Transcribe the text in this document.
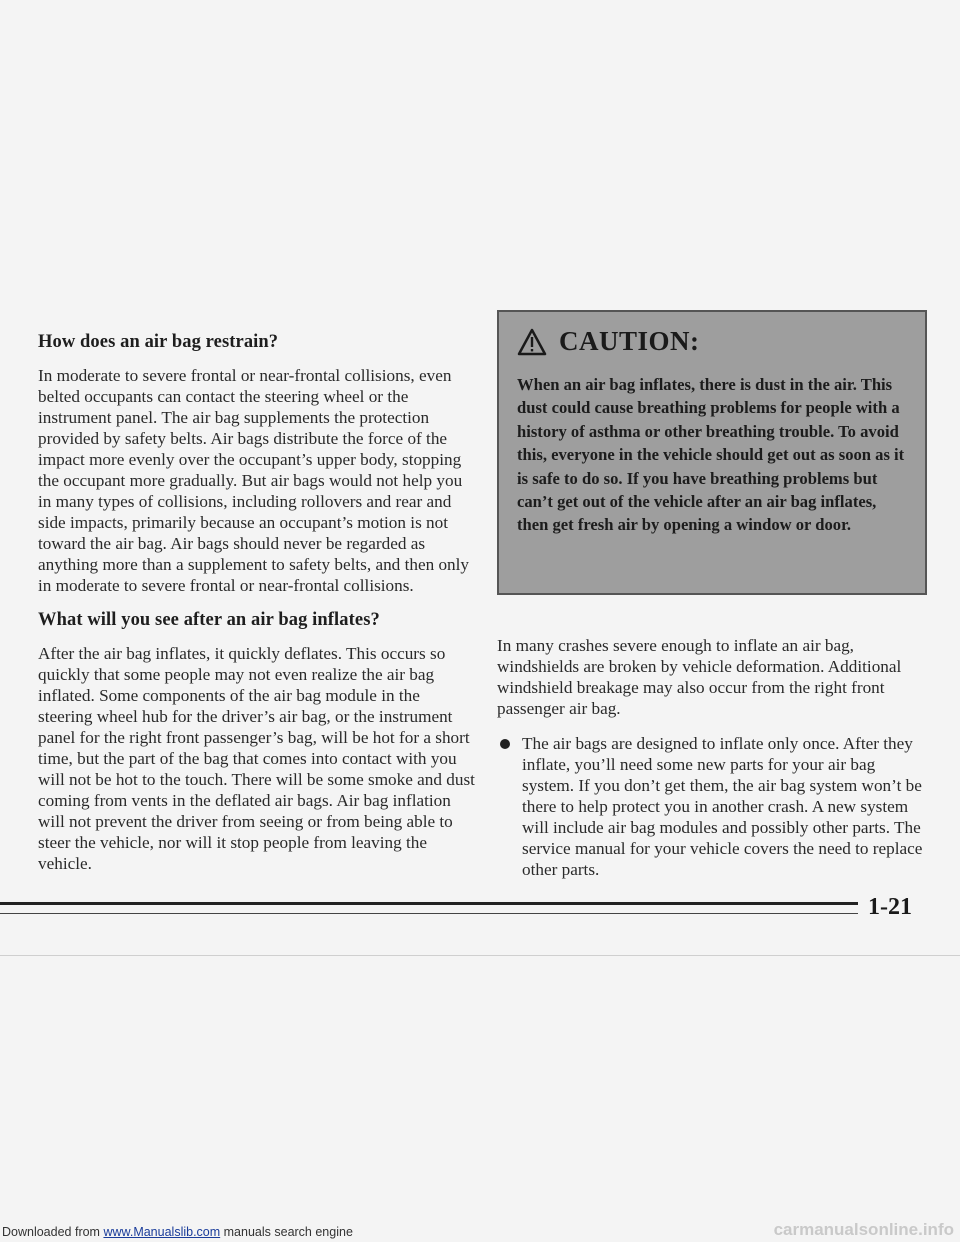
How does an air bag restrain?

In moderate to severe frontal or near-frontal collisions, even belted occupants can contact the steering wheel or the instrument panel. The air bag supplements the protection provided by safety belts. Air bags distribute the force of the impact more evenly over the occupant’s upper body, stopping the occupant more gradually. But air bags would not help you in many types of collisions, including rollovers and rear and side impacts, primarily because an occupant’s motion is not toward the air bag. Air bags should never be regarded as anything more than a supplement to safety belts, and then only in moderate to severe frontal or near-frontal collisions.

What will you see after an air bag inflates?

After the air bag inflates, it quickly deflates. This occurs so quickly that some people may not even realize the air bag inflated. Some components of the air bag module in the steering wheel hub for the driver’s air bag, or the instrument panel for the right front passenger’s bag, will be hot for a short time, but the part of the bag that comes into contact with you will not be hot to the touch. There will be some smoke and dust coming from vents in the deflated air bags. Air bag inflation will not prevent the driver from seeing or from being able to steer the vehicle, nor will it stop people from leaving the vehicle.

CAUTION:
When an air bag inflates, there is dust in the air. This dust could cause breathing problems for people with a history of asthma or other breathing trouble. To avoid this, everyone in the vehicle should get out as soon as it is safe to do so. If you have breathing problems but can’t get out of the vehicle after an air bag inflates, then get fresh air by opening a window or door.

In many crashes severe enough to inflate an air bag, windshields are broken by vehicle deformation. Additional windshield breakage may also occur from the right front passenger air bag.

The air bags are designed to inflate only once. After they inflate, you’ll need some new parts for your air bag system. If you don’t get them, the air bag system won’t be there to help protect you in another crash. A new system will include air bag modules and possibly other parts. The service manual for your vehicle covers the need to replace other parts.

1-21
Downloaded from www.Manualslib.com manuals search engine	carmanualsonline.info
